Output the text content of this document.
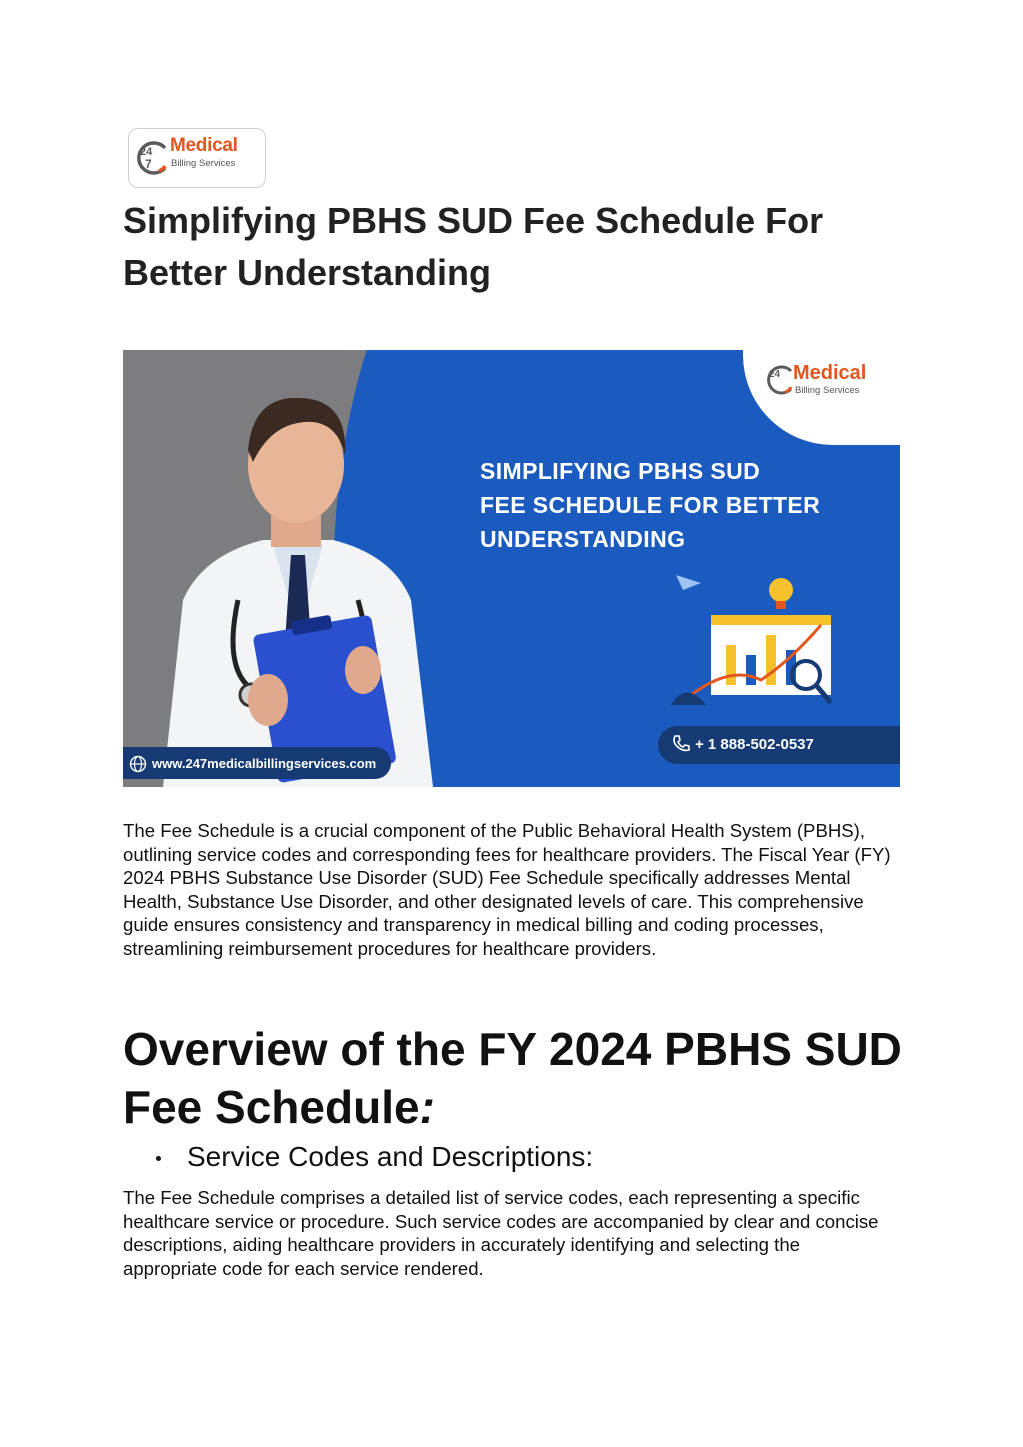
24
7
Medical
Billing Services
Simplifying PBHS SUD Fee Schedule For Better Understanding
24 Medical
Billing Services
SIMPLIFYING PBHS SUD
FEE SCHEDULE FOR BETTER
UNDERSTANDING
+ 1 888-502-0537
www.247medicalbillingservices.com

The Fee Schedule is a crucial component of the Public Behavioral Health System (PBHS), outlining service codes and corresponding fees for healthcare providers. The Fiscal Year (FY) 2024 PBHS Substance Use Disorder (SUD) Fee Schedule specifically addresses Mental Health, Substance Use Disorder, and other designated levels of care. This comprehensive guide ensures consistency and transparency in medical billing and coding processes, streamlining reimbursement procedures for healthcare providers.

Overview of the FY 2024 PBHS SUD Fee Schedule:
Service Codes and Descriptions:

The Fee Schedule comprises a detailed list of service codes, each representing a specific healthcare service or procedure. Such service codes are accompanied by clear and concise descriptions, aiding healthcare providers in accurately identifying and selecting the appropriate code for each service rendered.
